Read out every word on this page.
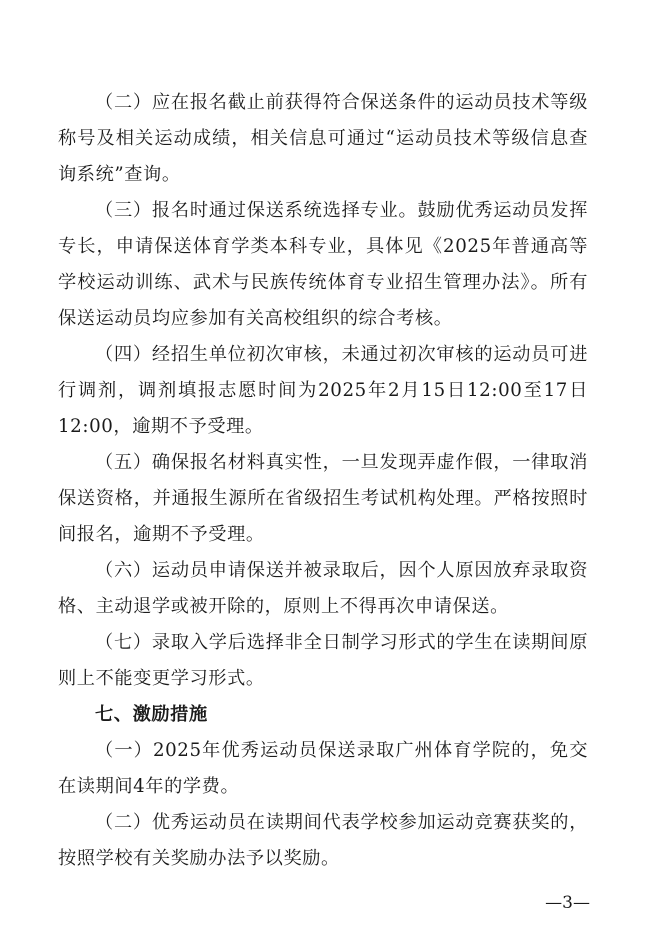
（二）应在报名截止前获得符合保送条件的运动员技术等级称号及相关运动成绩，相关信息可通过“运动员技术等级信息查询系统”查询。

（三）报名时通过保送系统选择专业。鼓励优秀运动员发挥专长，申请保送体育学类本科专业，具体见《2025年普通高等学校运动训练、武术与民族传统体育专业招生管理办法》。所有保送运动员均应参加有关高校组织的综合考核。

（四）经招生单位初次审核，未通过初次审核的运动员可进行调剂，调剂填报志愿时间为2025年2月15日12:00至17日12:00，逾期不予受理。

（五）确保报名材料真实性，一旦发现弄虚作假，一律取消保送资格，并通报生源所在省级招生考试机构处理。严格按照时间报名，逾期不予受理。

（六）运动员申请保送并被录取后，因个人原因放弃录取资格、主动退学或被开除的，原则上不得再次申请保送。

（七）录取入学后选择非全日制学习形式的学生在读期间原则上不能变更学习形式。

七、激励措施

（一）2025年优秀运动员保送录取广州体育学院的，免交在读期间4年的学费。

（二）优秀运动员在读期间代表学校参加运动竞赛获奖的，按照学校有关奖励办法予以奖励。

—3—
